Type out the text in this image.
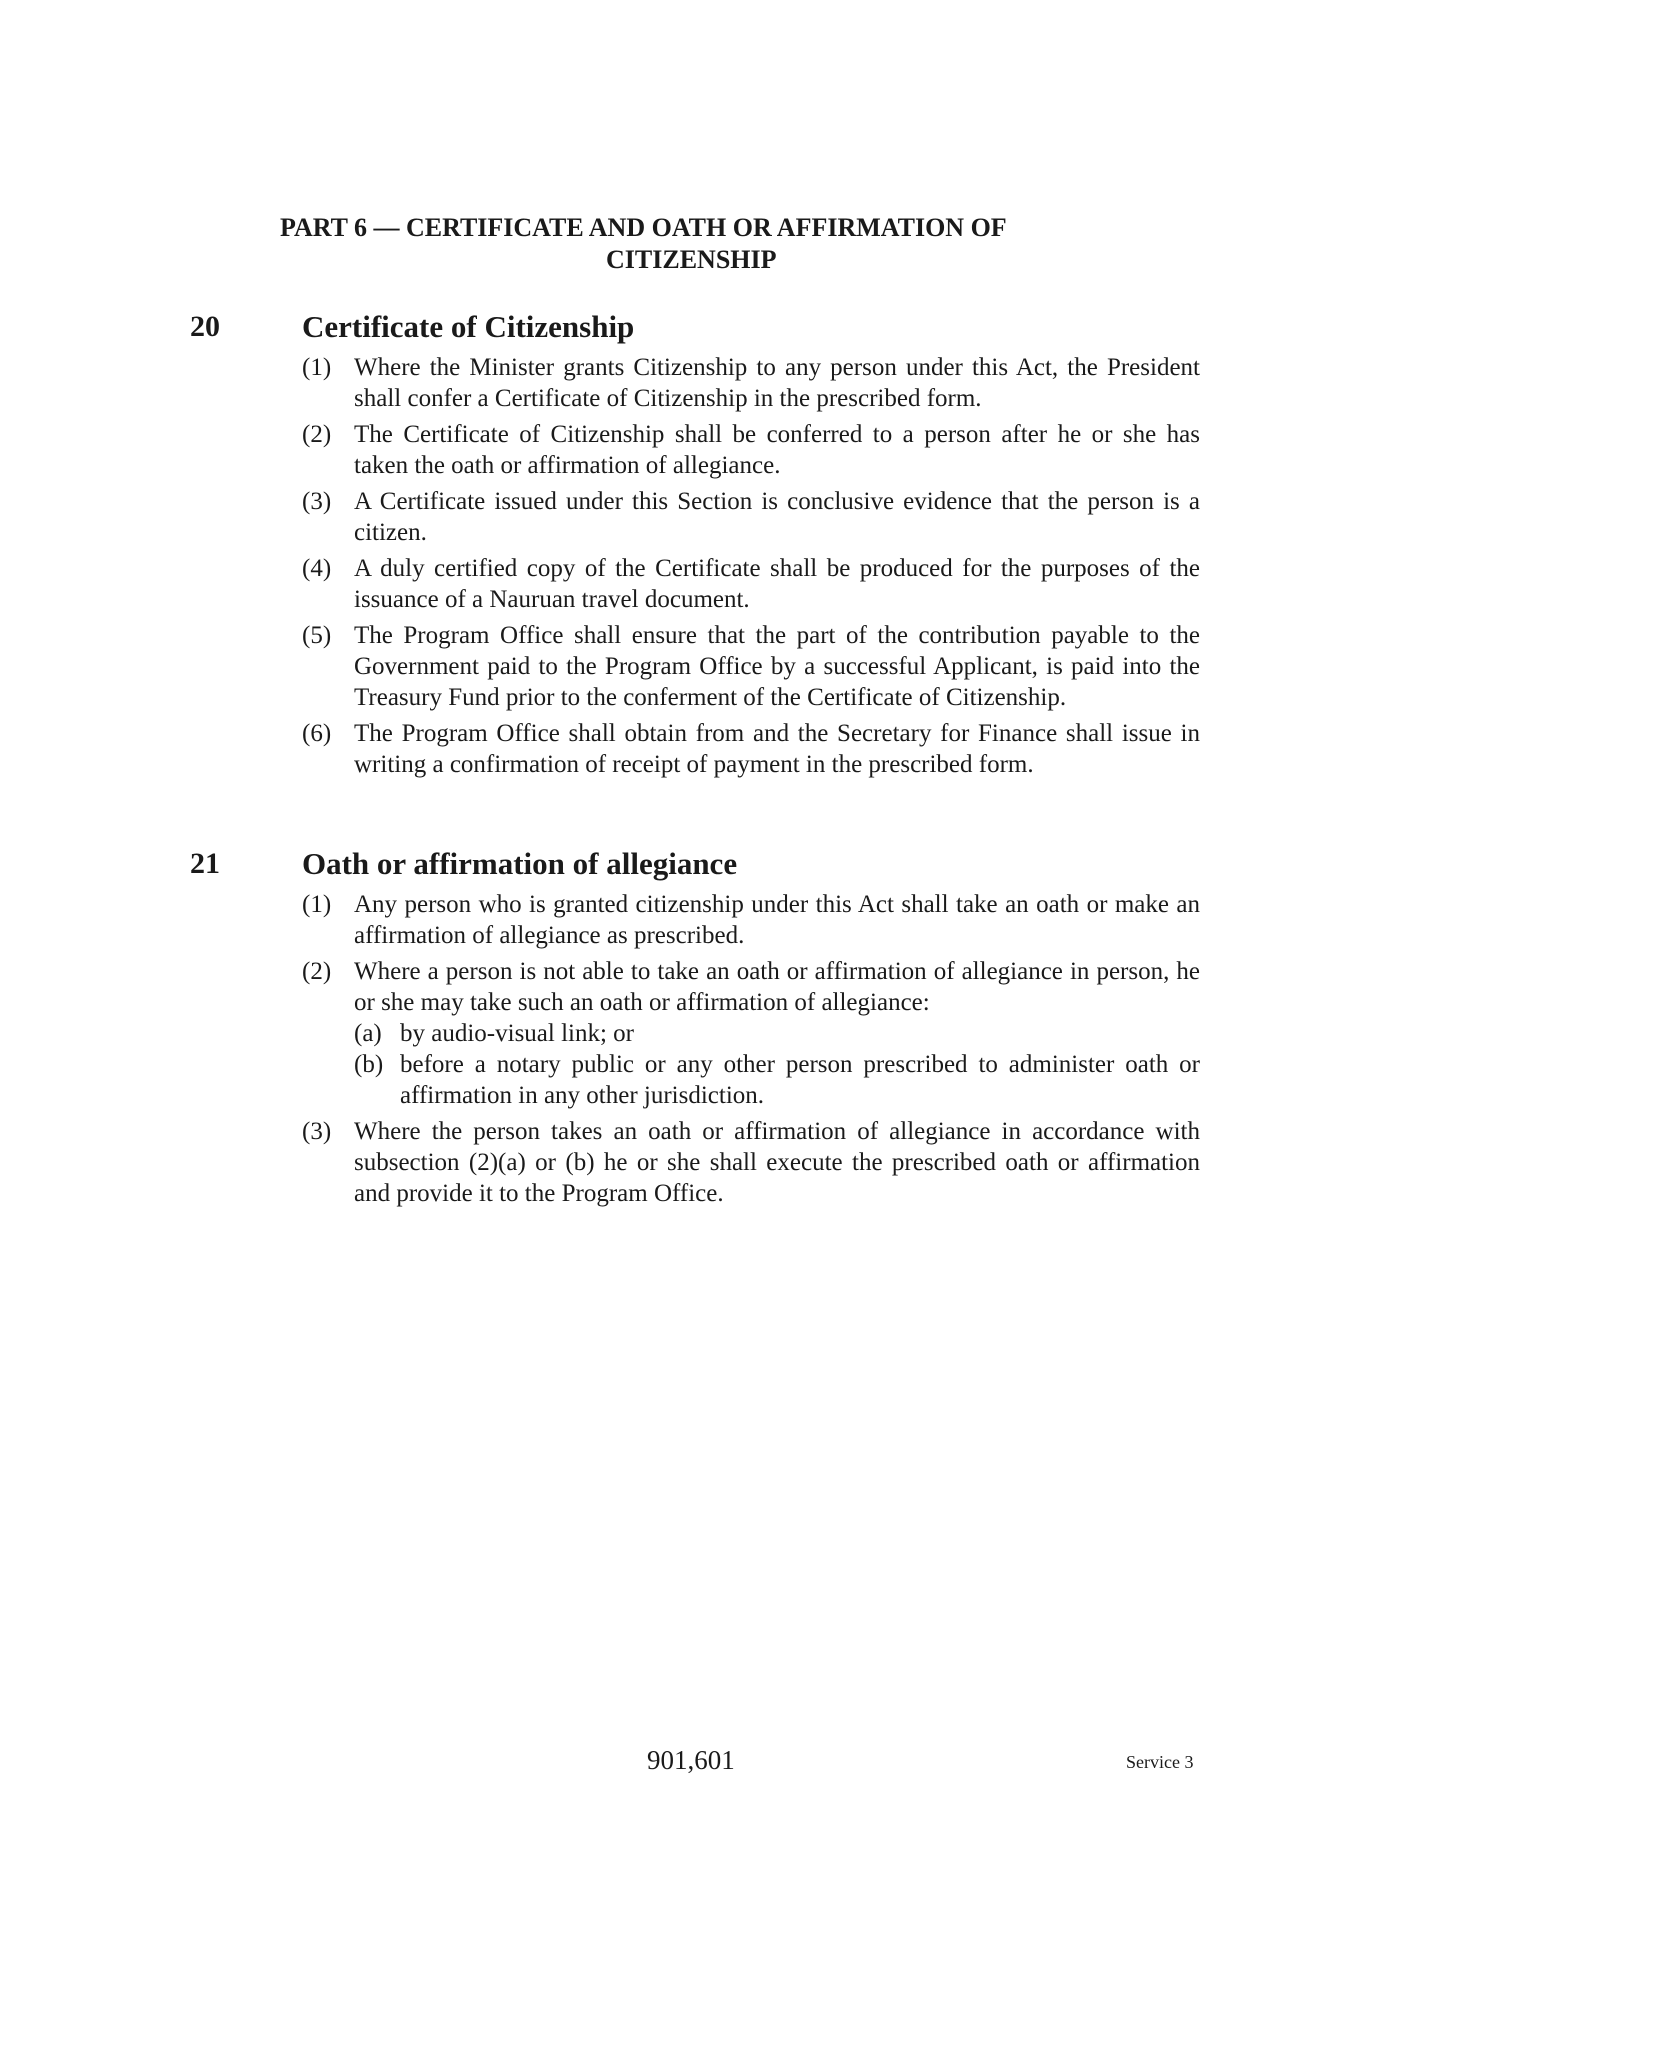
PART 6 — CERTIFICATE AND OATH OR AFFIRMATION OF
CITIZENSHIP
20	Certificate of Citizenship
(1) Where the Minister grants Citizenship to any person under this Act, the President shall confer a Certificate of Citizenship in the prescribed form.
(2) The Certificate of Citizenship shall be conferred to a person after he or she has taken the oath or affirmation of allegiance.
(3) A Certificate issued under this Section is conclusive evidence that the person is a citizen.
(4) A duly certified copy of the Certificate shall be produced for the purposes of the issuance of a Nauruan travel document.
(5) The Program Office shall ensure that the part of the contribution payable to the Government paid to the Program Office by a successful Applicant, is paid into the Treasury Fund prior to the conferment of the Certificate of Citizenship.
(6) The Program Office shall obtain from and the Secretary for Finance shall issue in writing a confirmation of receipt of payment in the prescribed form.
21	Oath or affirmation of allegiance
(1) Any person who is granted citizenship under this Act shall take an oath or make an affirmation of allegiance as prescribed.
(2) Where a person is not able to take an oath or affirmation of allegiance in person, he or she may take such an oath or affirmation of allegiance:
(a) by audio-visual link; or
(b) before a notary public or any other person prescribed to administer oath or affirmation in any other jurisdiction.
(3) Where the person takes an oath or affirmation of allegiance in accordance with subsection (2)(a) or (b) he or she shall execute the prescribed oath or affirmation and provide it to the Program Office.
901,601	Service 3
